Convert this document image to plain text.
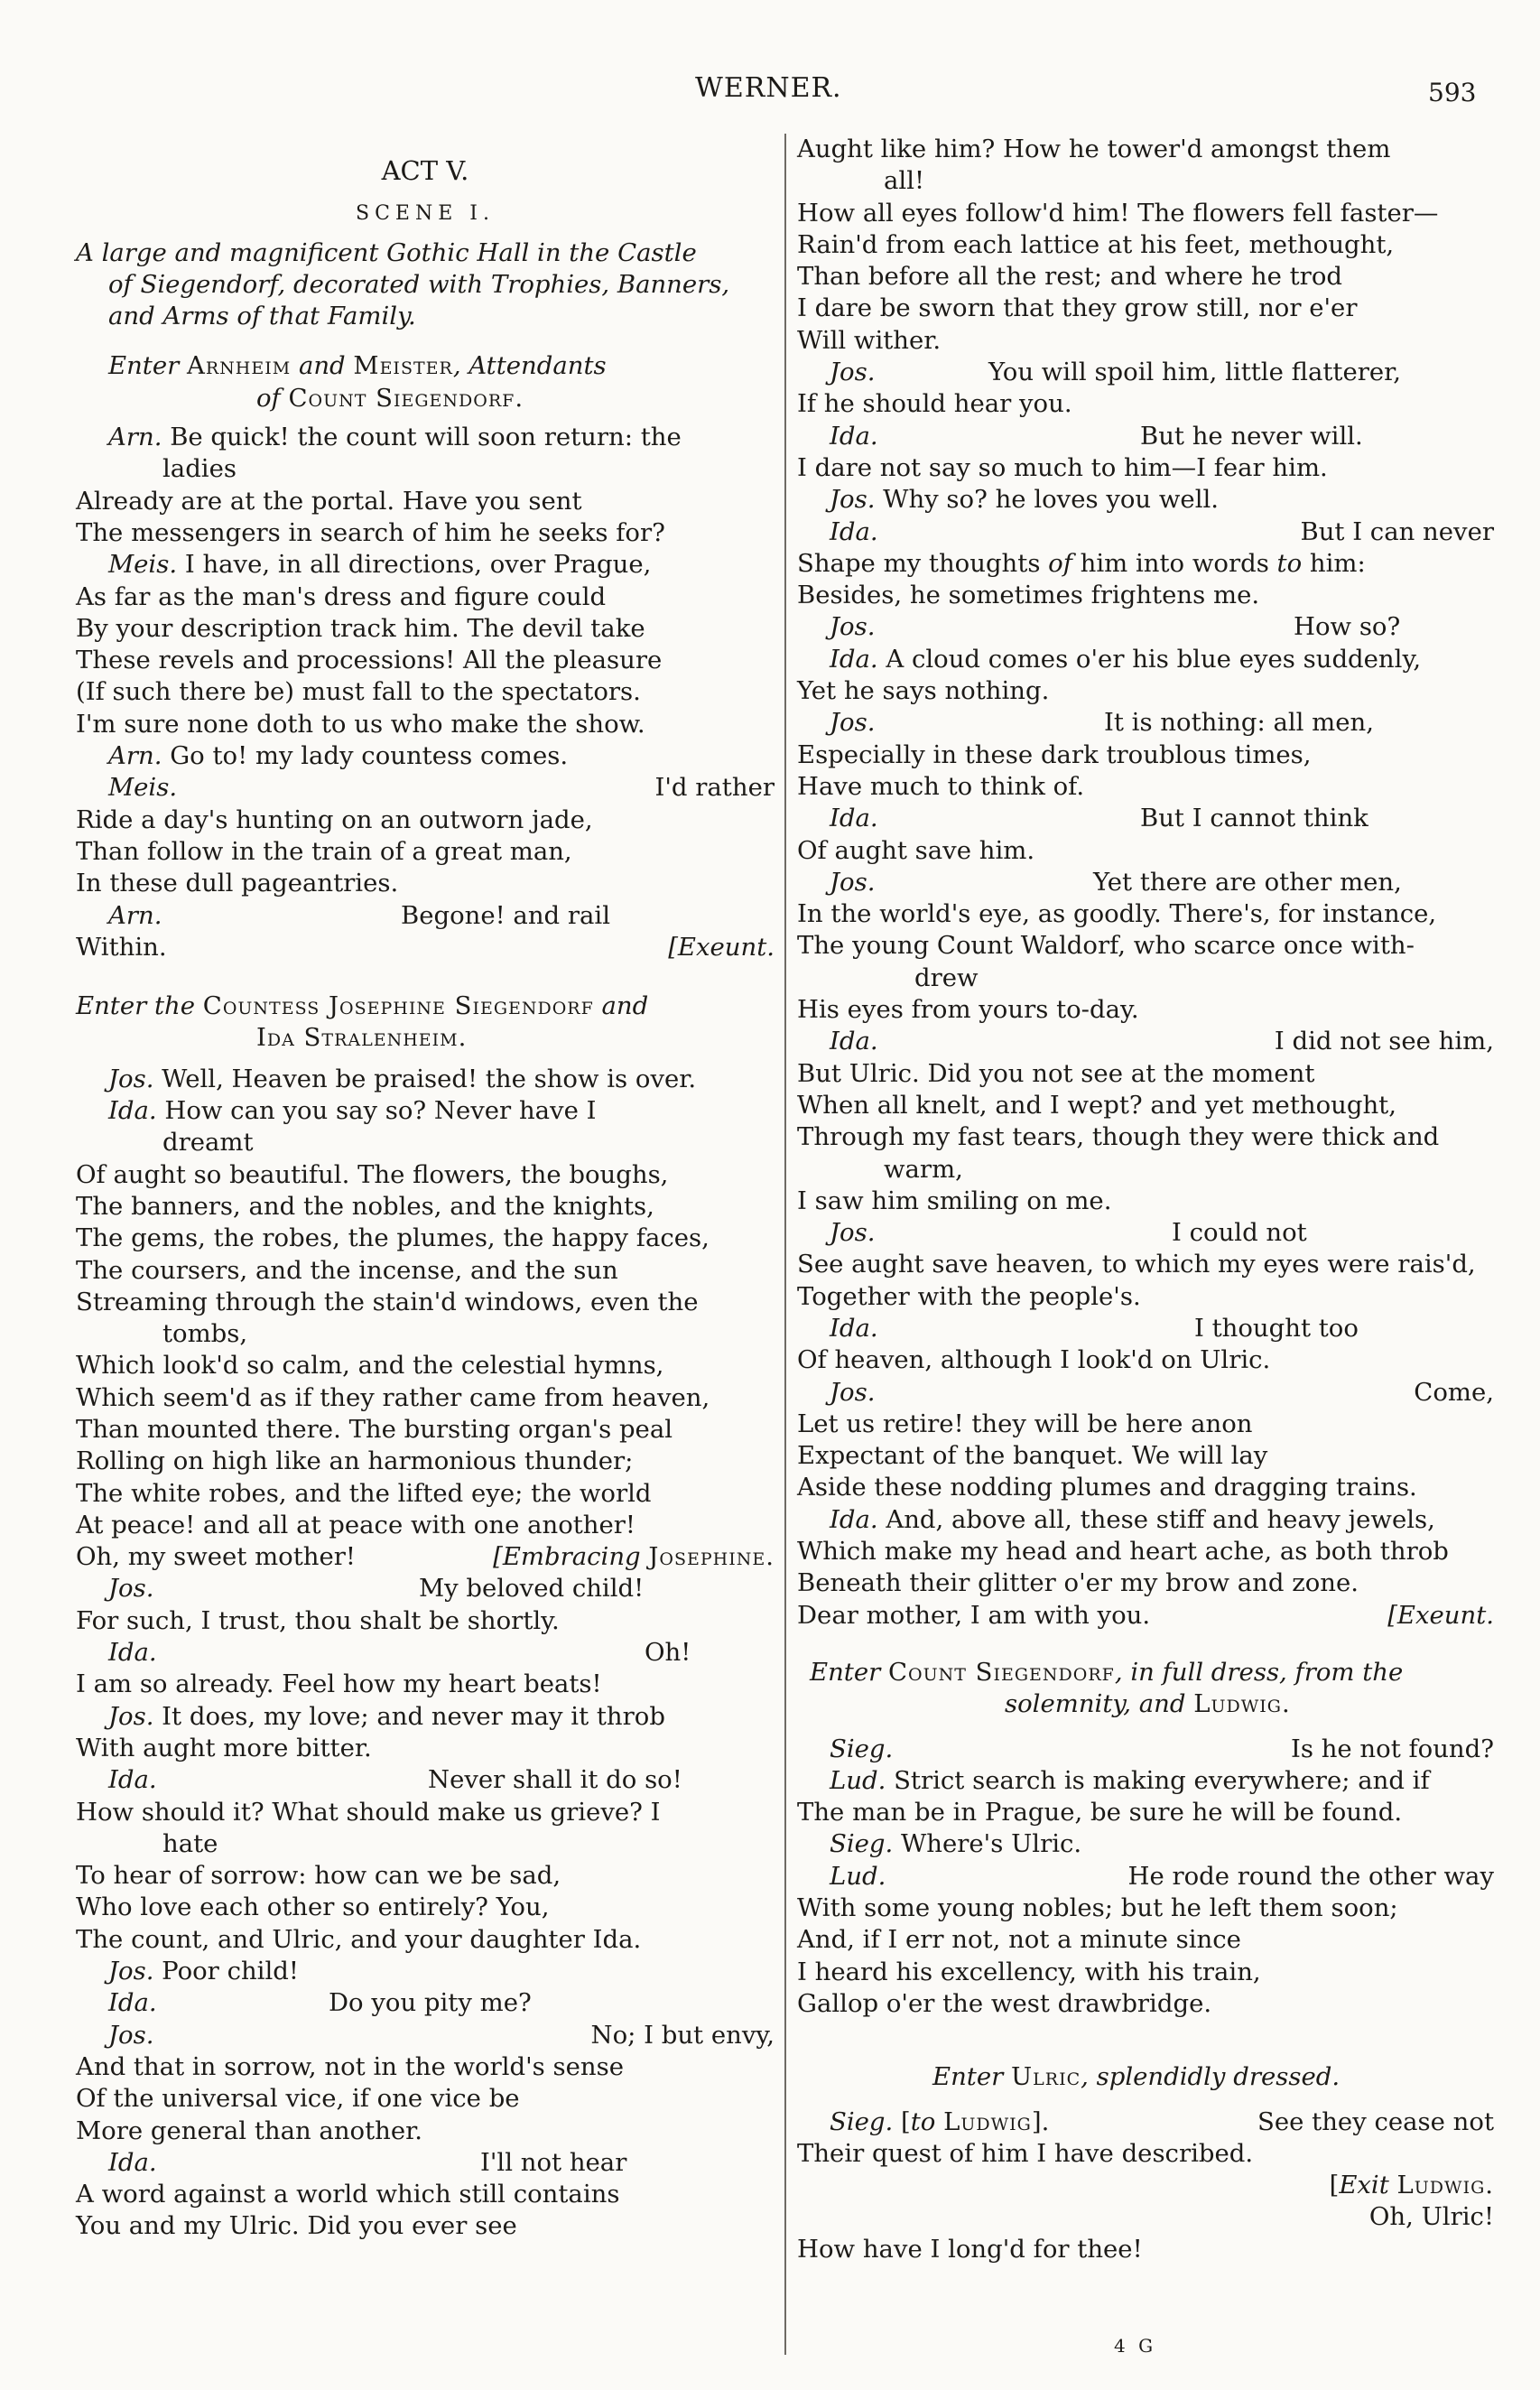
WERNER.	593
ACT V.
SCENE I.
A large and magnificent Gothic Hall in the Castle
of Siegendorf, decorated with Trophies, Banners,
and Arms of that Family.
Enter Arnheim and Meister, Attendants
of Count Siegendorf.
Arn. Be quick! the count will soon return: the
ladies
Already are at the portal. Have you sent
The messengers in search of him he seeks for?
Meis. I have, in all directions, over Prague,
As far as the man's dress and figure could
By your description track him. The devil take
These revels and processions! All the pleasure
(If such there be) must fall to the spectators.
I'm sure none doth to us who make the show.
Arn. Go to! my lady countess comes.
Meis.	I'd rather
Ride a day's hunting on an outworn jade,
Than follow in the train of a great man,
In these dull pageantries.
Arn.	Begone! and rail
Within.	[Exeunt.
Enter the Countess Josephine Siegendorf and
Ida Stralenheim.
Jos. Well, Heaven be praised! the show is over.
Ida. How can you say so? Never have I
dreamt
Of aught so beautiful. The flowers, the boughs,
The banners, and the nobles, and the knights,
The gems, the robes, the plumes, the happy faces,
The coursers, and the incense, and the sun
Streaming through the stain'd windows, even the
tombs,
Which look'd so calm, and the celestial hymns,
Which seem'd as if they rather came from heaven,
Than mounted there. The bursting organ's peal
Rolling on high like an harmonious thunder;
The white robes, and the lifted eye; the world
At peace! and all at peace with one another!
Oh, my sweet mother!	[Embracing Josephine.
Jos.	My beloved child!
For such, I trust, thou shalt be shortly.
Ida.	Oh!
I am so already. Feel how my heart beats!
Jos. It does, my love; and never may it throb
With aught more bitter.
Ida.	Never shall it do so!
How should it? What should make us grieve? I
hate
To hear of sorrow: how can we be sad,
Who love each other so entirely? You,
The count, and Ulric, and your daughter Ida.
Jos. Poor child!
Ida.	Do you pity me?
Jos.	No; I but envy,
And that in sorrow, not in the world's sense
Of the universal vice, if one vice be
More general than another.
Ida.	I'll not hear
A word against a world which still contains
You and my Ulric. Did you ever see
Aught like him? How he tower'd amongst them
all!
How all eyes follow'd him! The flowers fell faster—
Rain'd from each lattice at his feet, methought,
Than before all the rest; and where he trod
I dare be sworn that they grow still, nor e'er
Will wither.
Jos.	You will spoil him, little flatterer,
If he should hear you.
Ida.	But he never will.
I dare not say so much to him—I fear him.
Jos. Why so? he loves you well.
Ida.	But I can never
Shape my thoughts of him into words to him:
Besides, he sometimes frightens me.
Jos.	How so?
Ida. A cloud comes o'er his blue eyes suddenly,
Yet he says nothing.
Jos.	It is nothing: all men,
Especially in these dark troublous times,
Have much to think of.
Ida.	But I cannot think
Of aught save him.
Jos.	Yet there are other men,
In the world's eye, as goodly. There's, for instance,
The young Count Waldorf, who scarce once with-
drew
His eyes from yours to-day.
Ida.	I did not see him,
But Ulric. Did you not see at the moment
When all knelt, and I wept? and yet methought,
Through my fast tears, though they were thick and
warm,
I saw him smiling on me.
Jos.	I could not
See aught save heaven, to which my eyes were rais'd,
Together with the people's.
Ida.	I thought too
Of heaven, although I look'd on Ulric.
Jos.	Come,
Let us retire! they will be here anon
Expectant of the banquet. We will lay
Aside these nodding plumes and dragging trains.
Ida. And, above all, these stiff and heavy jewels,
Which make my head and heart ache, as both throb
Beneath their glitter o'er my brow and zone.
Dear mother, I am with you.	[Exeunt.
Enter Count Siegendorf, in full dress, from the
solemnity, and Ludwig.
Sieg.	Is he not found?
Lud. Strict search is making everywhere; and if
The man be in Prague, be sure he will be found.
Sieg. Where's Ulric.
Lud.	He rode round the other way
With some young nobles; but he left them soon;
And, if I err not, not a minute since
I heard his excellency, with his train,
Gallop o'er the west drawbridge.
Enter Ulric, splendidly dressed.
Sieg. [to Ludwig].	See they cease not
Their quest of him I have described.
[Exit Ludwig.
Oh, Ulric!
How have I long'd for thee!
4 G
